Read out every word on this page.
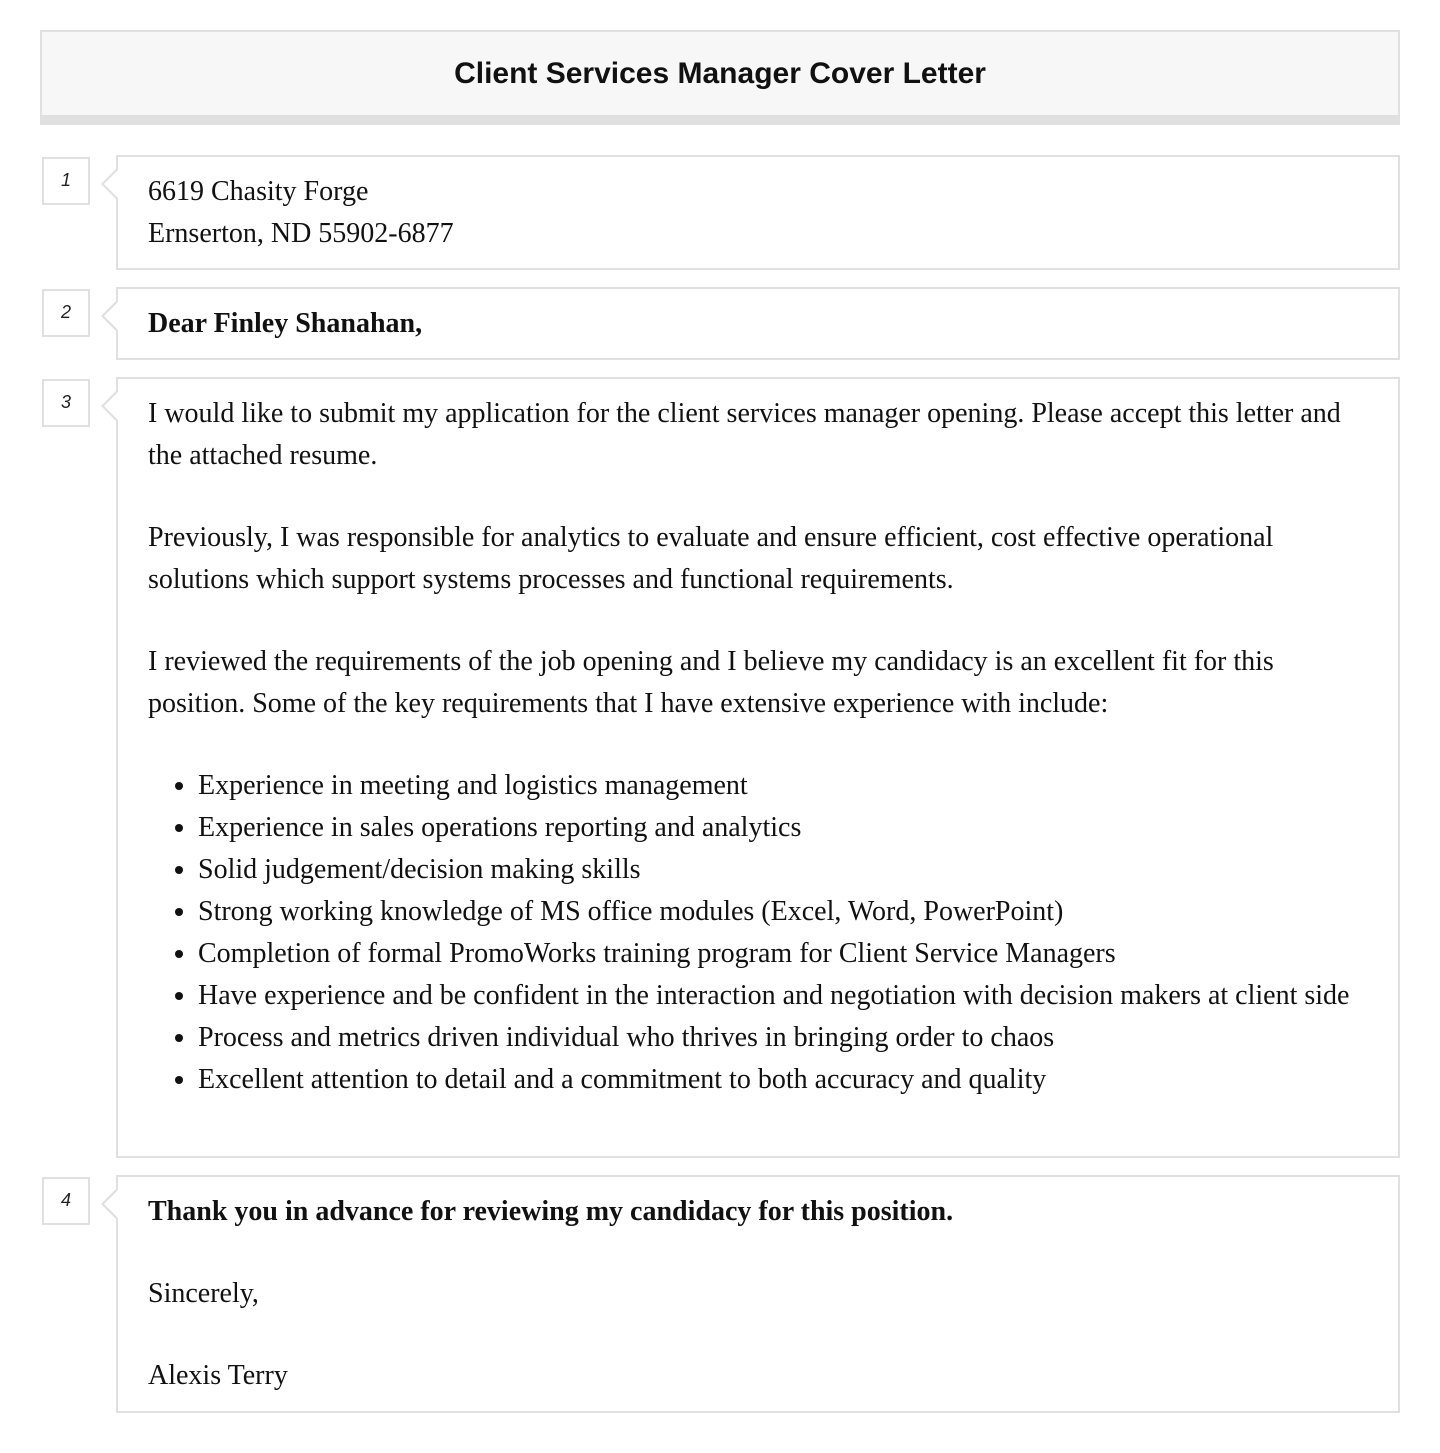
Client Services Manager Cover Letter
1	6619 Chasity Forge

Ernserton, ND 55902-6877

2	Dear Finley Shanahan,

3	I would like to submit my application for the client services manager opening. Please accept this letter and the attached resume.

Previously, I was responsible for analytics to evaluate and ensure efficient, cost effective operational solutions which support systems processes and functional requirements.

I reviewed the requirements of the job opening and I believe my candidacy is an excellent fit for this position. Some of the key requirements that I have extensive experience with include:

• Experience in meeting and logistics management
• Experience in sales operations reporting and analytics
• Solid judgement/decision making skills
• Strong working knowledge of MS office modules (Excel, Word, PowerPoint)
• Completion of formal PromoWorks training program for Client Service Managers
• Have experience and be confident in the interaction and negotiation with decision makers at client side
• Process and metrics driven individual who thrives in bringing order to chaos
• Excellent attention to detail and a commitment to both accuracy and quality
4	Thank you in advance for reviewing my candidacy for this position.

Sincerely,

Alexis Terry
